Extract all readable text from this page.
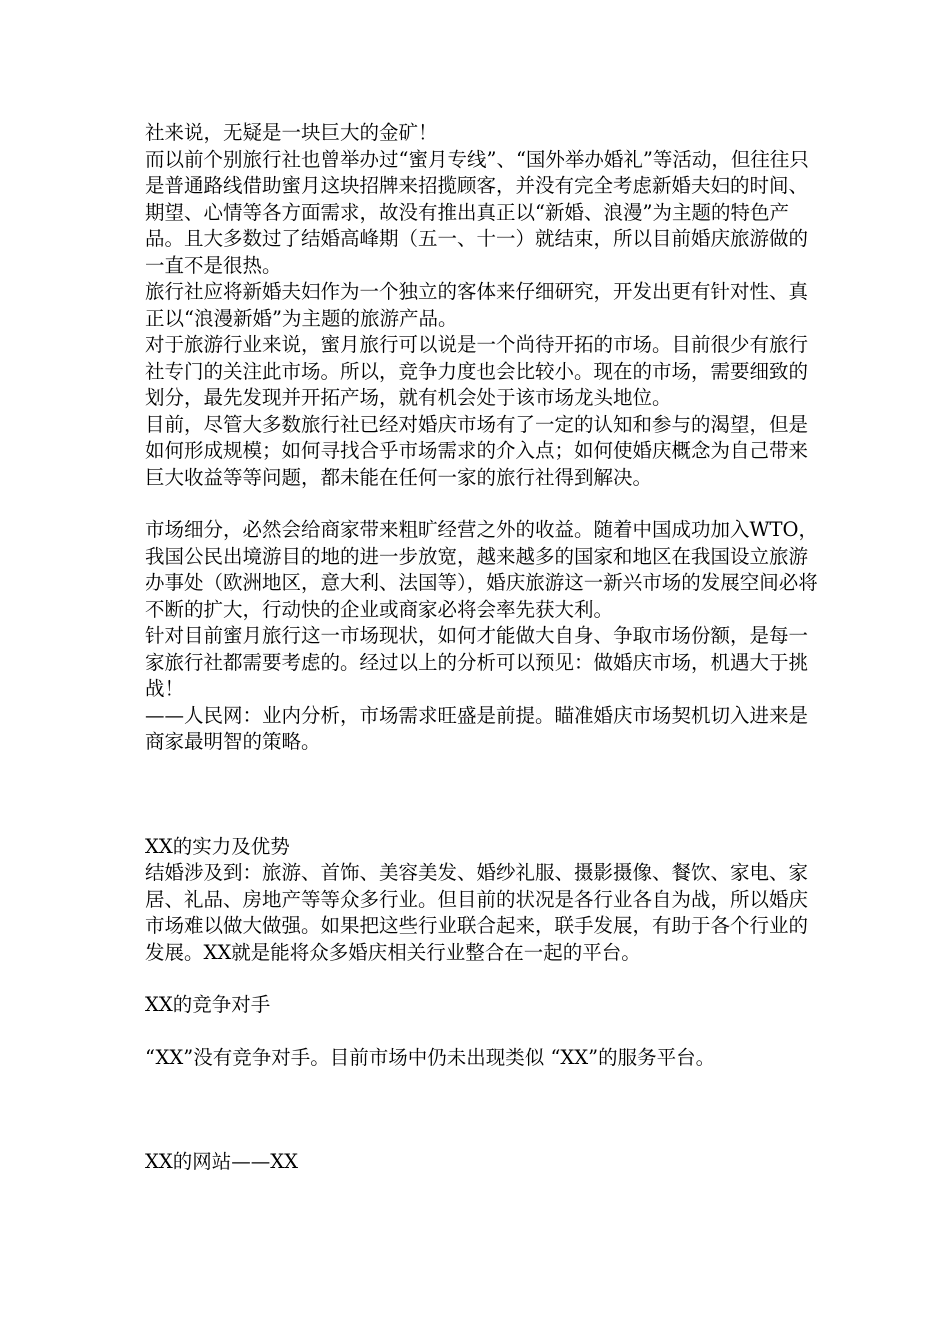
社来说，无疑是一块巨大的金矿！

而以前个别旅行社也曾举办过“蜜月专线”、“国外举办婚礼”等活动，但往往只是普通路线借助蜜月这块招牌来招揽顾客，并没有完全考虑新婚夫妇的时间、期望、心情等各方面需求，故没有推出真正以“新婚、浪漫”为主题的特色产品。且大多数过了结婚高峰期（五一、十一）就结束，所以目前婚庆旅游做的一直不是很热。

旅行社应将新婚夫妇作为一个独立的客体来仔细研究，开发出更有针对性、真正以“浪漫新婚”为主题的旅游产品。

对于旅游行业来说，蜜月旅行可以说是一个尚待开拓的市场。目前很少有旅行社专门的关注此市场。所以，竞争力度也会比较小。现在的市场，需要细致的划分，最先发现并开拓产场，就有机会处于该市场龙头地位。

目前，尽管大多数旅行社已经对婚庆市场有了一定的认知和参与的渴望，但是如何形成规模；如何寻找合乎市场需求的介入点；如何使婚庆概念为自己带来巨大收益等等问题，都未能在任何一家的旅行社得到解决。

市场细分，必然会给商家带来粗旷经营之外的收益。随着中国成功加入WTO，我国公民出境游目的地的进一步放宽，越来越多的国家和地区在我国设立旅游办事处（欧洲地区，意大利、法国等），婚庆旅游这一新兴市场的发展空间必将不断的扩大，行动快的企业或商家必将会率先获大利。

针对目前蜜月旅行这一市场现状，如何才能做大自身、争取市场份额，是每一家旅行社都需要考虑的。经过以上的分析可以预见：做婚庆市场，机遇大于挑战！

——人民网：业内分析，市场需求旺盛是前提。瞄准婚庆市场契机切入进来是商家最明智的策略。

XX的实力及优势

结婚涉及到：旅游、首饰、美容美发、婚纱礼服、摄影摄像、餐饮、家电、家居、礼品、房地产等等众多行业。但目前的状况是各行业各自为战，所以婚庆市场难以做大做强。如果把这些行业联合起来，联手发展，有助于各个行业的发展。XX就是能将众多婚庆相关行业整合在一起的平台。

XX的竞争对手

“XX”没有竞争对手。目前市场中仍未出现类似 “XX”的服务平台。

XX的网站——XX
